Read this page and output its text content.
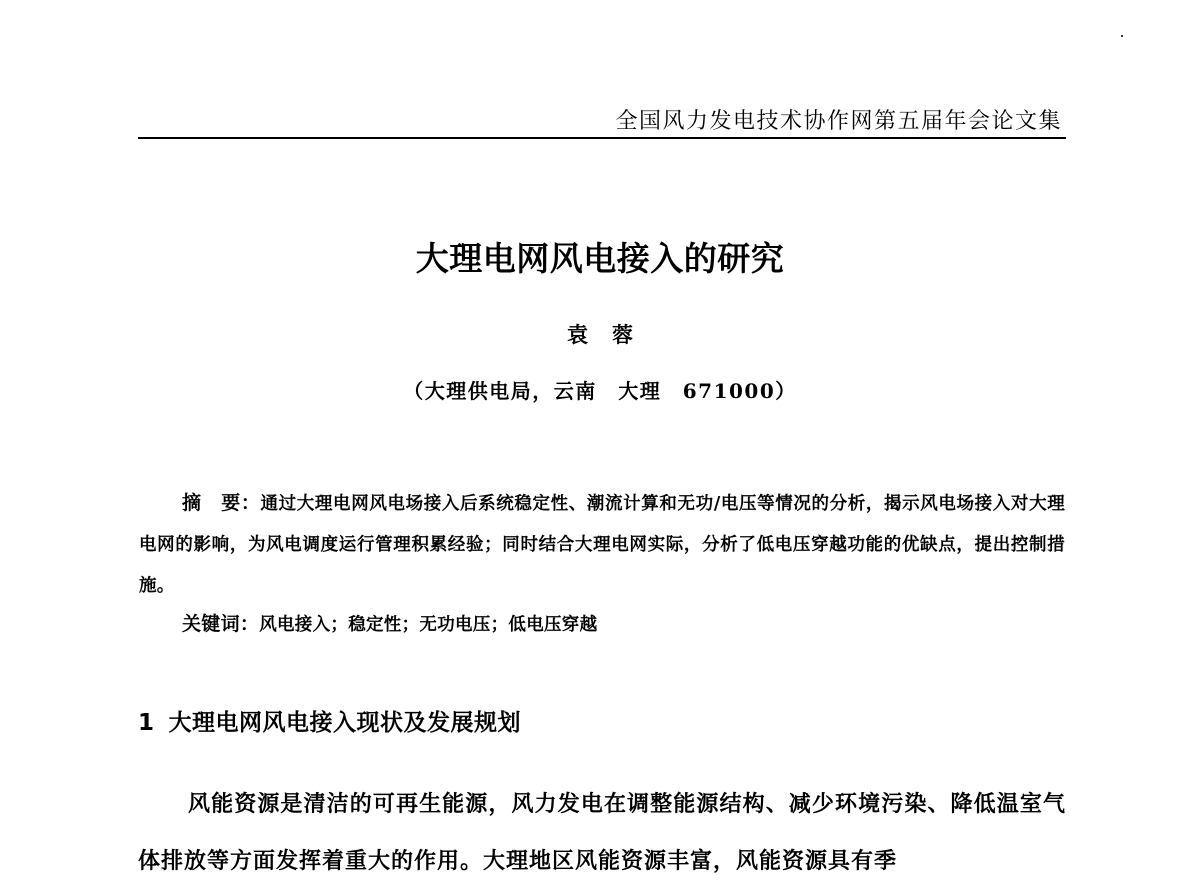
全国风力发电技术协作网第五届年会论文集
大理电网风电接入的研究
袁蓉
（大理供电局，云南　大理　671000）
摘　要：通过大理电网风电场接入后系统稳定性、潮流计算和无功/电压等情况的分析，揭示风电场接入对大理电网的影响，为风电调度运行管理积累经验；同时结合大理电网实际，分析了低电压穿越功能的优缺点，提出控制措施。
关键词：风电接入；稳定性；无功电压；低电压穿越
1 大理电网风电接入现状及发展规划
风能资源是清洁的可再生能源，风力发电在调整能源结构、减少环境污染、降低温室气体排放等方面发挥着重大的作用。大理地区风能资源丰富，风能资源具有季
